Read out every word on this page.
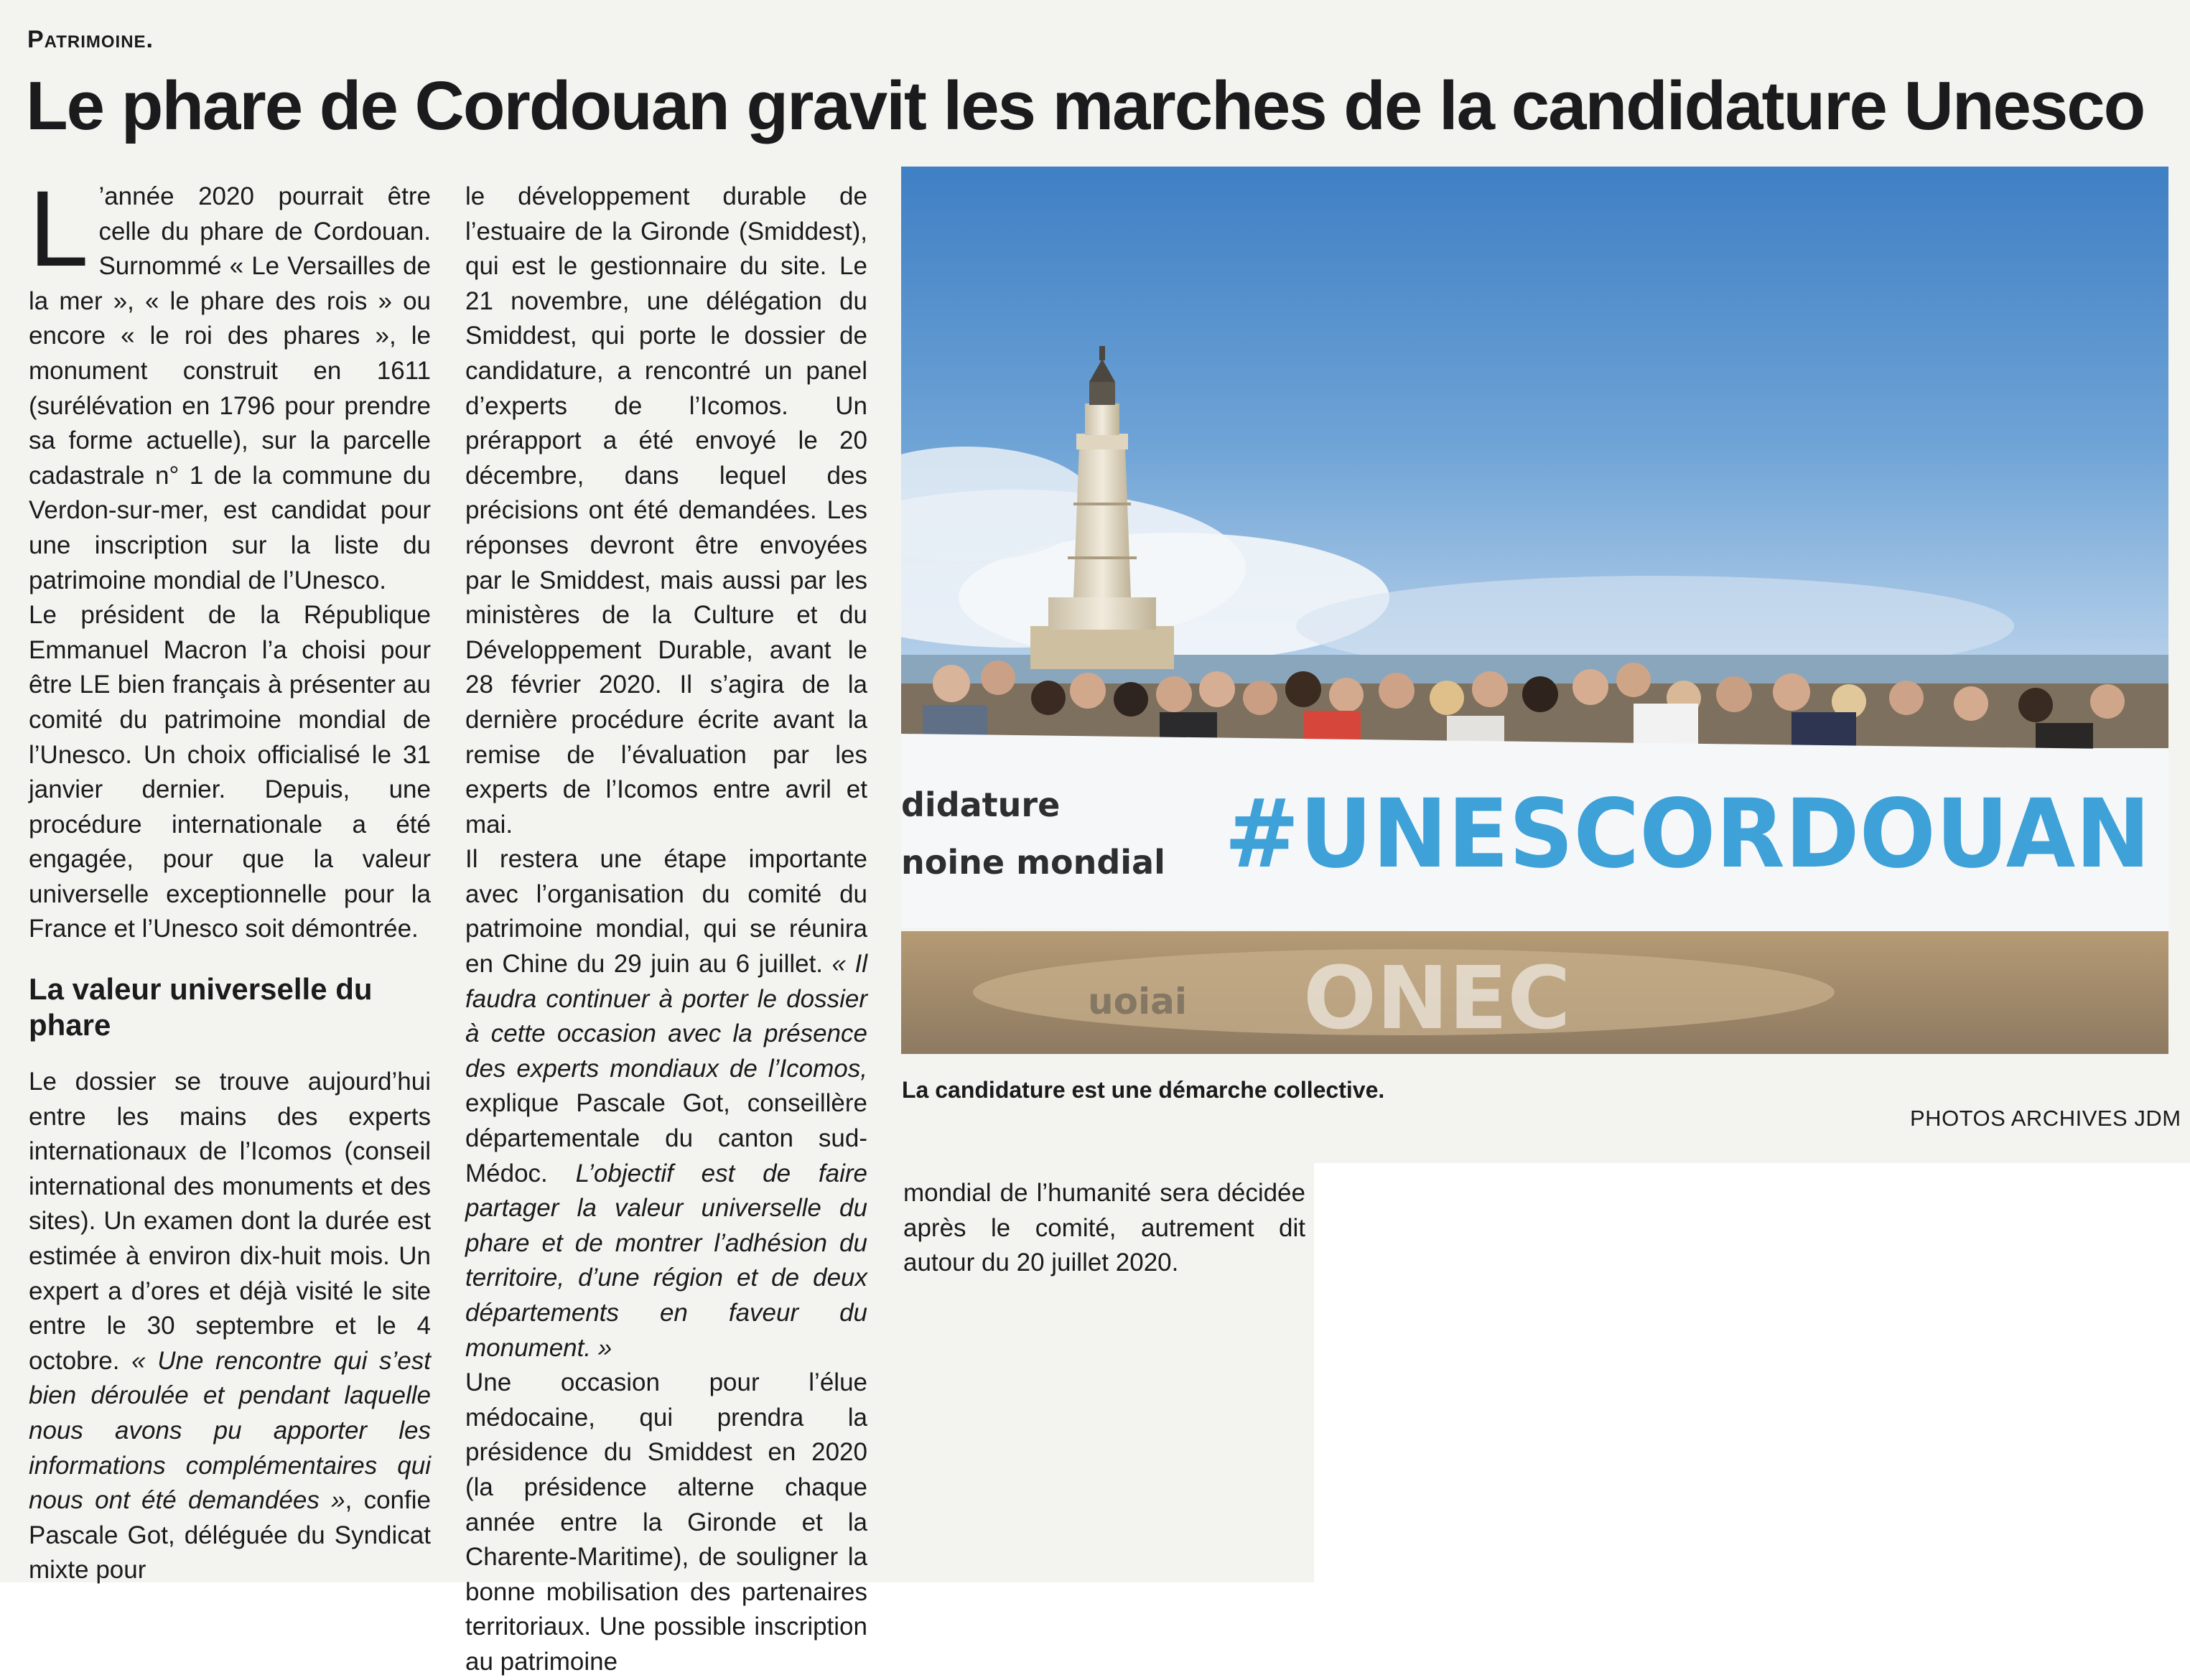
Patrimoine.
Le phare de Cordouan gravit les marches de la candidature Unesco

L ’année 2020 pourrait être celle du phare de Cordouan. Surnommé « Le Versailles de la mer », « le phare des rois » ou encore « le roi des phares », le monument construit en 1611 (surélévation en 1796 pour prendre sa forme actuelle), sur la parcelle cadastrale n° 1 de la commune du Verdon-sur-mer, est candidat pour une inscription sur la liste du patrimoine mondial de l’Unesco.

Le président de la République Emmanuel Macron l’a choisi pour être LE bien français à présenter au comité du patrimoine mondial de l’Unesco. Un choix officialisé le 31 janvier dernier. Depuis, une procédure internationale a été engagée, pour que la valeur universelle exceptionnelle pour la France et l’Unesco soit démontrée.

La valeur universelle du phare

Le dossier se trouve aujourd’hui entre les mains des experts internationaux de l’Icomos (conseil international des monuments et des sites). Un examen dont la durée est estimée à environ dix-huit mois. Un expert a d’ores et déjà visité le site entre le 30 septembre et le 4 octobre. « Une rencontre qui s’est bien déroulée et pendant laquelle nous avons pu apporter les informations complémentaires qui nous ont été demandées », confie Pascale Got, déléguée du Syndicat mixte pour

le développement durable de l’estuaire de la Gironde (Smiddest), qui est le gestionnaire du site. Le 21 novembre, une délégation du Smiddest, qui porte le dossier de candidature, a rencontré un panel d’experts de l’Icomos. Un prérapport a été envoyé le 20 décembre, dans lequel des précisions ont été demandées. Les réponses devront être envoyées par le Smiddest, mais aussi par les ministères de la Culture et du Développement Durable, avant le 28 février 2020. Il s’agira de la dernière procédure écrite avant la remise de l’évaluation par les experts de l’Icomos entre avril et mai.

Il restera une étape importante avec l’organisation du comité du patrimoine mondial, qui se réunira en Chine du 29 juin au 6 juillet. « Il faudra continuer à porter le dossier à cette occasion avec la présence des experts mondiaux de l’Icomos, explique Pascale Got, conseillère départementale du canton sud-Médoc. L’objectif est de faire partager la valeur universelle du phare et de montrer l’adhésion du territoire, d’une région et de deux départements en faveur du monument. »

Une occasion pour l’élue médocaine, qui prendra la présidence du Smiddest en 2020 (la présidence alterne chaque année entre la Gironde et la Charente-Maritime), de souligner la bonne mobilisation des partenaires territoriaux. Une possible inscription au patrimoine

mondial de l’humanité sera décidée après le comité, autrement dit autour du 20 juillet 2020.

didature
noine mondial #UNESCORDOUAN
uoiai ONEC
La candidature est une démarche collective.
PHOTOS ARCHIVES JDM
